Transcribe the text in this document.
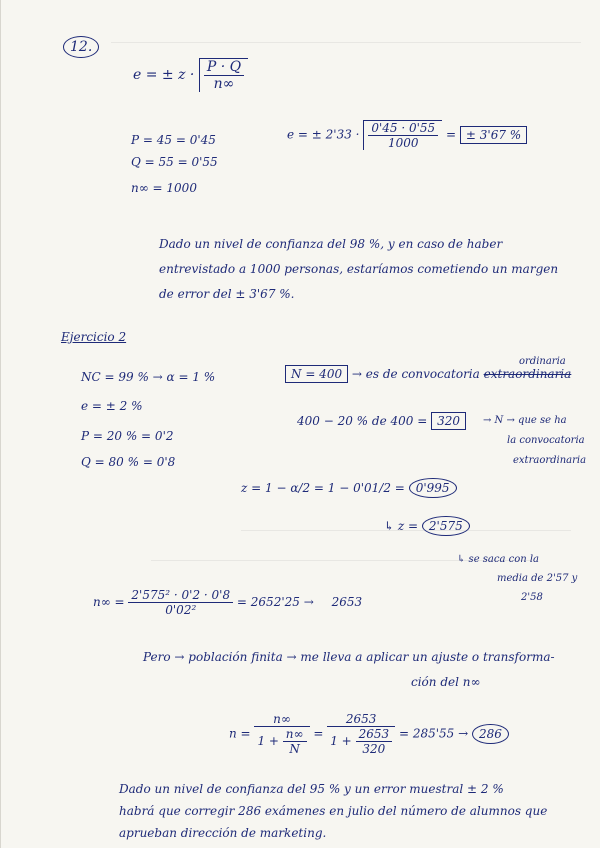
12.
e = ± $z \cdot \frac{P \cdot Q}{n\infty}$
P = 45 = 0'45
Q = 55 = 0'55
n∞ = 1000
e = ± $2'33 \cdot \frac{0'45 \cdot 0'55}{1000}$ = ± 3'67 %
Dado un nivel de confianza del 98 %, y en caso de haber
entrevistado a 1000 personas, estaríamos cometiendo un margen
de error del ± 3'67 %.
Ejercicio 2
NC = 99 % → α = 1 %	N = 400 → es de convocatoria extraordinaria
ordinaria
e = ± 2 %
400 − 20 % de 400 = 320	→ N → que se ha
la convocatoria
extraordinaria
P = 20 % = 0'2
Q = 80 % = 0'8
z = 1 − α/2 = 1 − 0'01/2 = 0'995
↳ z = 2'575
↳ se saca con la
media de 2'57 y
2'58
$n\infty = \frac{\text{2'575² · 0'2 · 0'8}}{\text{0'02²}} = 2652'25 \to 2653$
Pero → población finita → me lleva a aplicar un ajuste o transforma-
ción del n∞
$n = \frac{n\infty}{1 + \frac{n\infty}{N}} = \frac{2653}{1 + \frac{2653}{320}} = 285'55 \to 286$
Dado un nivel de confianza del 95 % y un error muestral ± 2 %
habrá que corregir 286 exámenes en julio del número de alumnos que
aprueban dirección de marketing.
